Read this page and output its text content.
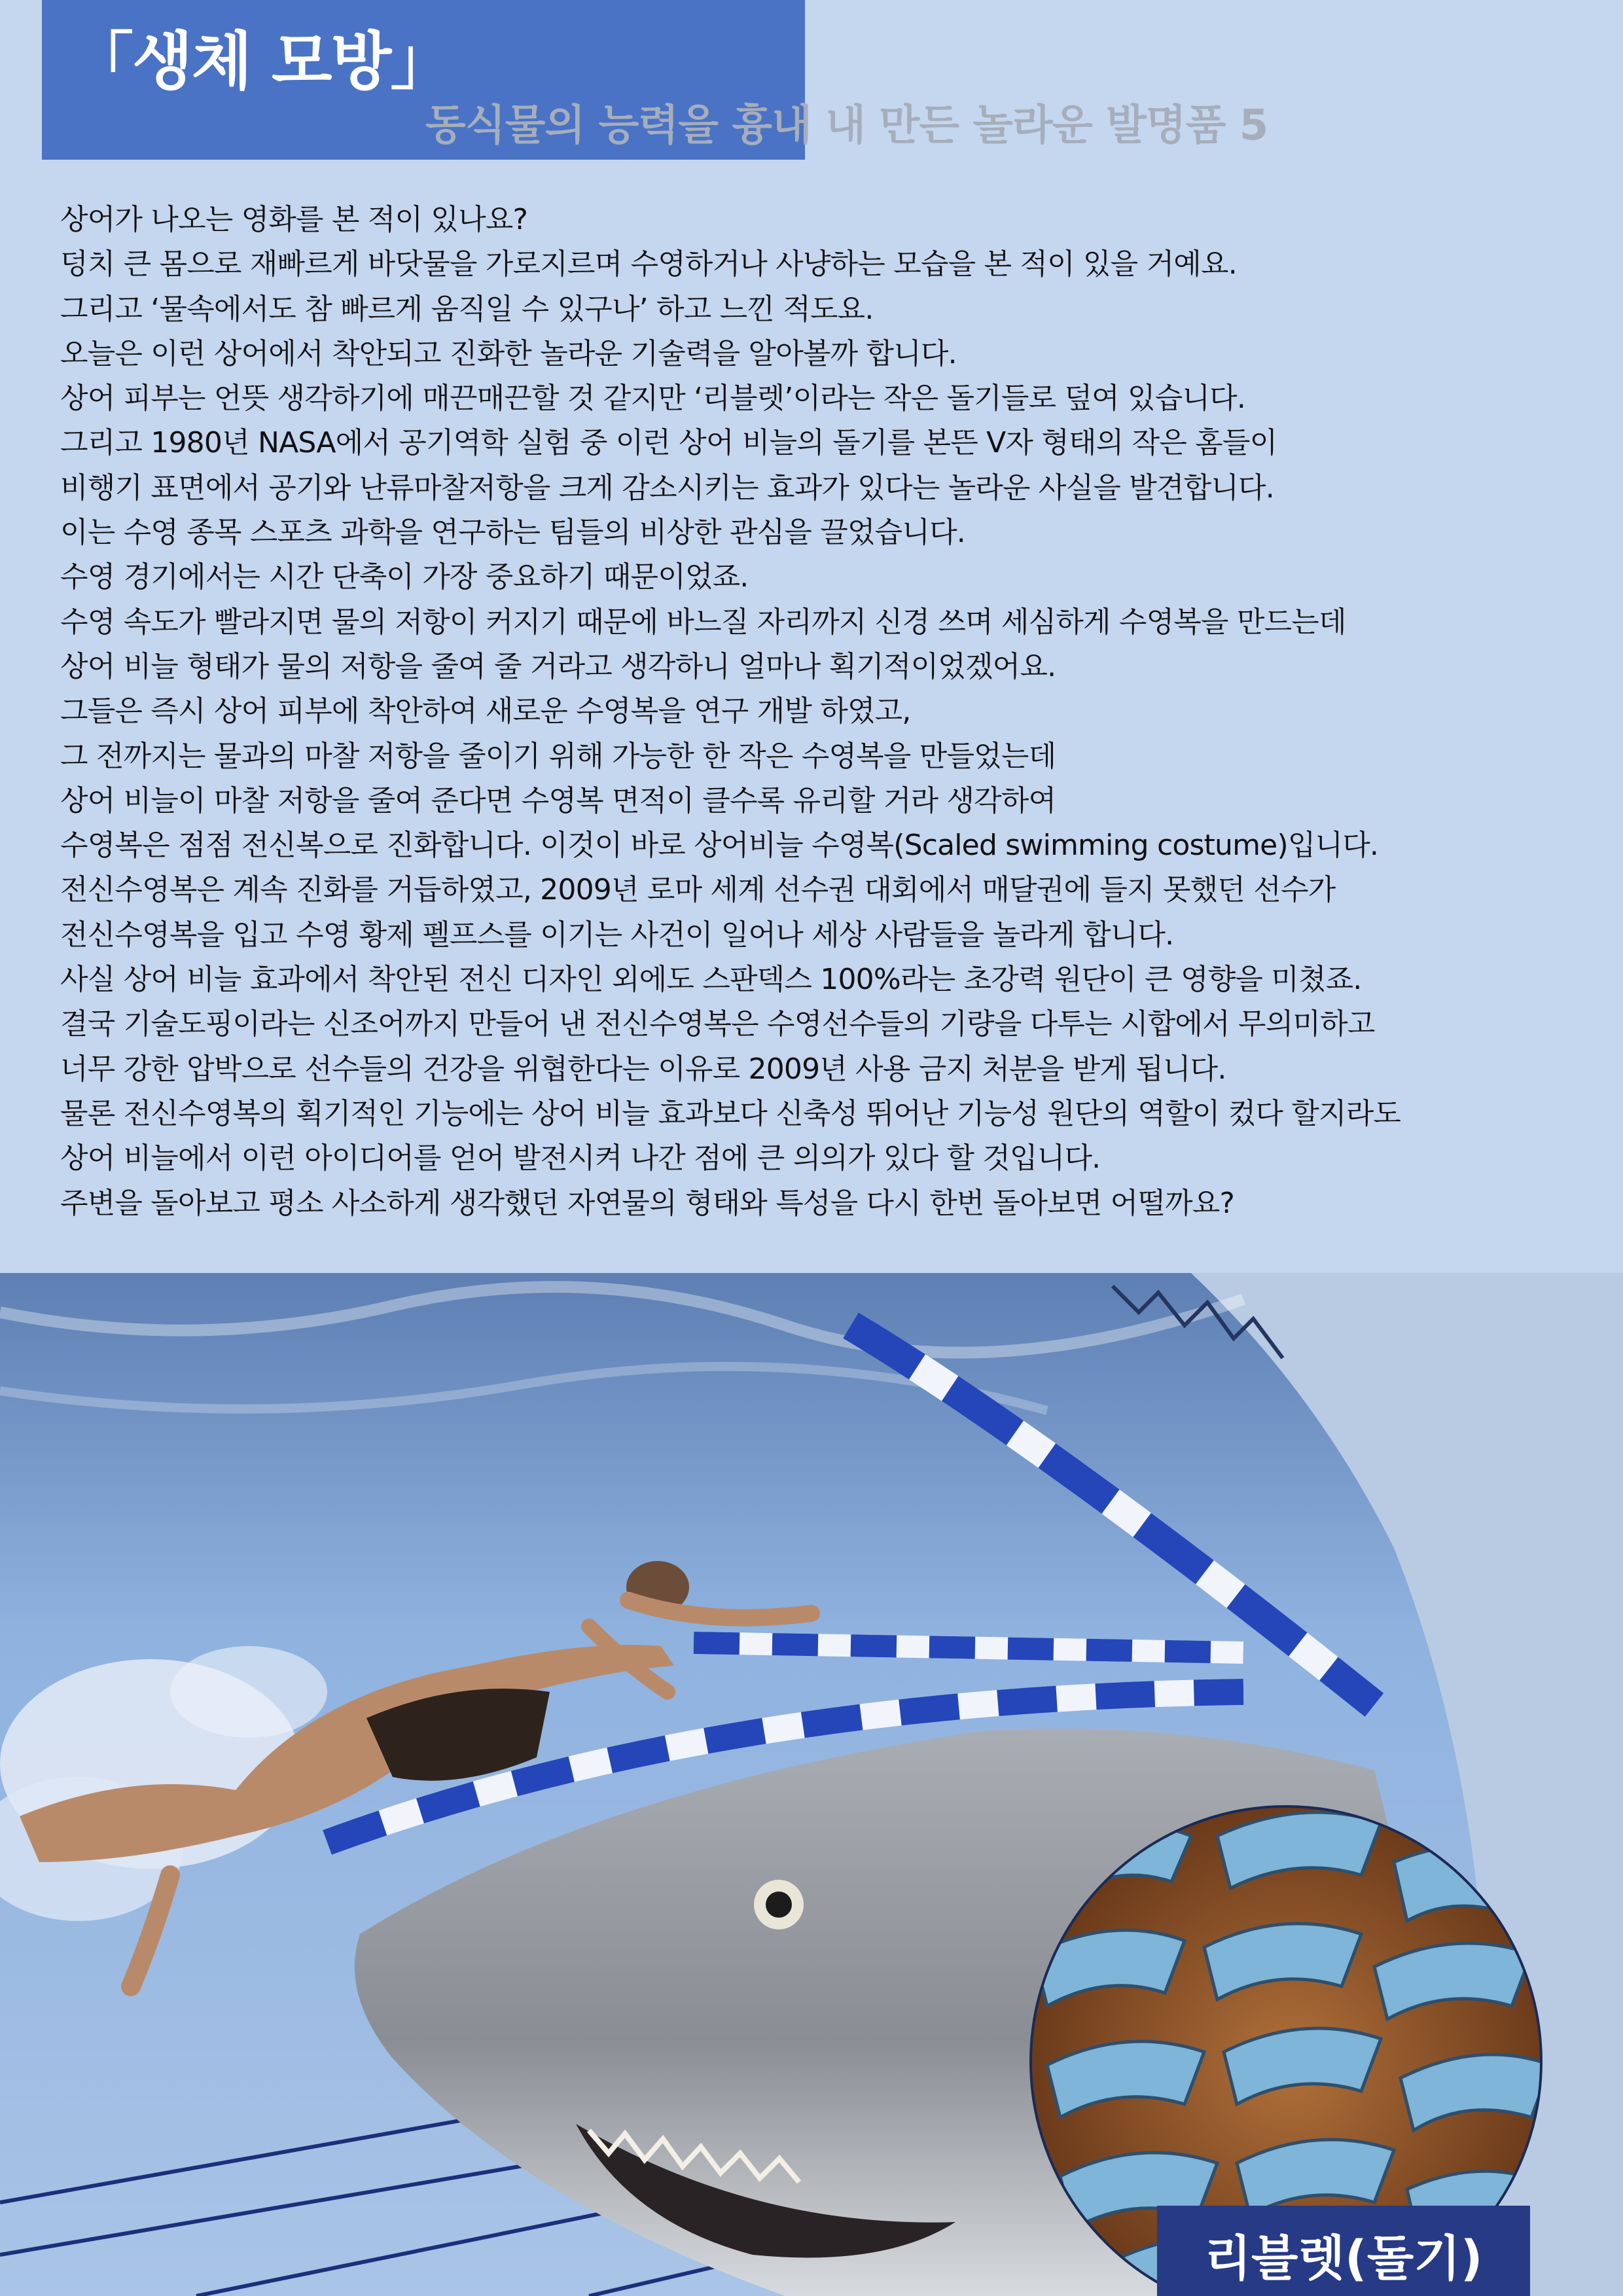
「생체 모방」
동식물의 능력을 흉내 내 만든 놀라운 발명품 5

상어가 나오는 영화를 본 적이 있나요?

덩치 큰 몸으로 재빠르게 바닷물을 가로지르며 수영하거나 사냥하는 모습을 본 적이 있을 거예요.

그리고 ‘물속에서도 참 빠르게 움직일 수 있구나’ 하고 느낀 적도요.

오늘은 이런 상어에서 착안되고 진화한 놀라운 기술력을 알아볼까 합니다.

상어 피부는 언뜻 생각하기에 매끈매끈할 것 같지만 ‘리블렛’이라는 작은 돌기들로 덮여 있습니다.

그리고 1980년 NASA에서 공기역학 실험 중 이런 상어 비늘의 돌기를 본뜬 V자 형태의 작은 홈들이

비행기 표면에서 공기와 난류마찰저항을 크게 감소시키는 효과가 있다는 놀라운 사실을 발견합니다.

이는 수영 종목 스포츠 과학을 연구하는 팀들의 비상한 관심을 끌었습니다.

수영 경기에서는 시간 단축이 가장 중요하기 때문이었죠.

수영 속도가 빨라지면 물의 저항이 커지기 때문에 바느질 자리까지 신경 쓰며 세심하게 수영복을 만드는데

상어 비늘 형태가 물의 저항을 줄여 줄 거라고 생각하니 얼마나 획기적이었겠어요.

그들은 즉시 상어 피부에 착안하여 새로운 수영복을 연구 개발 하였고,

그 전까지는 물과의 마찰 저항을 줄이기 위해 가능한 한 작은 수영복을 만들었는데

상어 비늘이 마찰 저항을 줄여 준다면 수영복 면적이 클수록 유리할 거라 생각하여

수영복은 점점 전신복으로 진화합니다. 이것이 바로 상어비늘 수영복(Scaled swimming costume)입니다.

전신수영복은 계속 진화를 거듭하였고, 2009년 로마 세계 선수권 대회에서 매달권에 들지 못했던 선수가

전신수영복을 입고 수영 황제 펠프스를 이기는 사건이 일어나 세상 사람들을 놀라게 합니다.

사실 상어 비늘 효과에서 착안된 전신 디자인 외에도 스판덱스 100%라는 초강력 원단이 큰 영향을 미쳤죠.

결국 기술도핑이라는 신조어까지 만들어 낸 전신수영복은 수영선수들의 기량을 다투는 시합에서 무의미하고

너무 강한 압박으로 선수들의 건강을 위협한다는 이유로 2009년 사용 금지 처분을 받게 됩니다.

물론 전신수영복의 획기적인 기능에는 상어 비늘 효과보다 신축성 뛰어난 기능성 원단의 역할이 컸다 할지라도

상어 비늘에서 이런 아이디어를 얻어 발전시켜 나간 점에 큰 의의가 있다 할 것입니다.

주변을 돌아보고 평소 사소하게 생각했던 자연물의 형태와 특성을 다시 한번 돌아보면 어떨까요?

리블렛(돌기)
